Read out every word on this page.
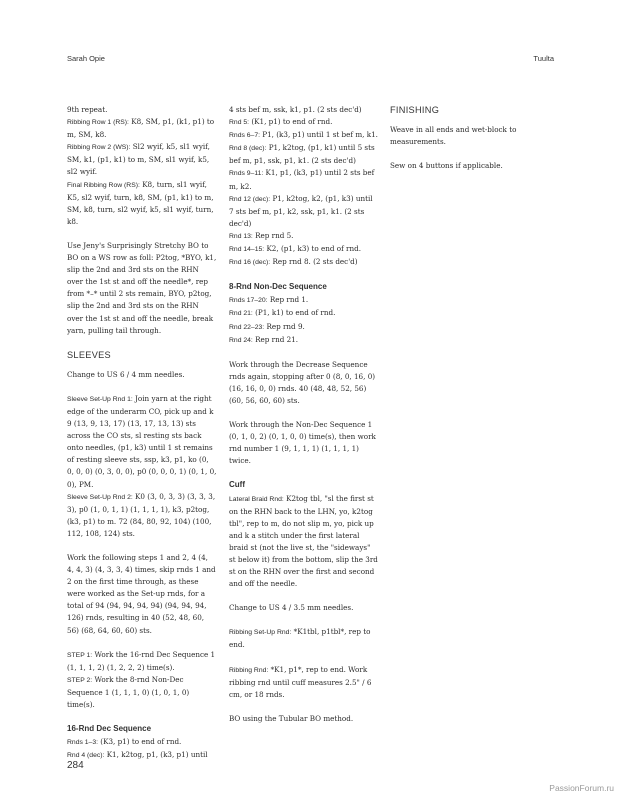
Sarah Opie	Tuulta

9th repeat.

Ribbing Row 1 (RS): K8, SM, p1, (k1, p1) to m, SM, k8.

Ribbing Row 2 (WS): Sl2 wyif, k5, sl1 wyif, SM, k1, (p1, k1) to m, SM, sl1 wyif, k5, sl2 wyif.

Final Ribbing Row (RS): K8, turn, sl1 wyif, K5, sl2 wyif, turn, k8, SM, (p1, k1) to m, SM, k8, turn, sl2 wyif, k5, sl1 wyif, turn, k8.

Use Jeny's Surprisingly Stretchy BO to BO on a WS row as foll: P2tog, *BYO, k1, slip the 2nd and 3rd sts on the RHN over the 1st st and off the needle*, rep from *–* until 2 sts remain, BYO, p2tog, slip the 2nd and 3rd sts on the RHN over the 1st st and off the needle, break yarn, pulling tail through.

SLEEVES

Change to US 6 / 4 mm needles.

Sleeve Set-Up Rnd 1: Join yarn at the right edge of the underarm CO, pick up and k 9 (13, 9, 13, 17) (13, 17, 13, 13) sts across the CO sts, sl resting sts back onto needles, (p1, k3) until 1 st remains of resting sleeve sts, ssp, k3, p1, ko (0, 0, 0, 0) (0, 3, 0, 0), p0 (0, 0, 0, 1) (0, 1, 0, 0), PM.

Sleeve Set-Up Rnd 2: K0 (3, 0, 3, 3) (3, 3, 3, 3), p0 (1, 0, 1, 1) (1, 1, 1, 1), k3, p2tog, (k3, p1) to m. 72 (84, 80, 92, 104) (100, 112, 108, 124) sts.

Work the following steps 1 and 2, 4 (4, 4, 4, 3) (4, 3, 3, 4) times, skip rnds 1 and 2 on the first time through, as these were worked as the Set-up rnds, for a total of 94 (94, 94, 94, 94) (94, 94, 94, 126) rnds, resulting in 40 (52, 48, 60, 56) (68, 64, 60, 60) sts.

STEP 1: Work the 16-rnd Dec Sequence 1 (1, 1, 1, 2) (1, 2, 2, 2) time(s).

STEP 2: Work the 8-rnd Non-Dec Sequence 1 (1, 1, 1, 0) (1, 0, 1, 0) time(s).

16-Rnd Dec Sequence

Rnds 1–3: (K3, p1) to end of rnd.

Rnd 4 (dec): K1, k2tog, p1, (k3, p1) until

4 sts bef m, ssk, k1, p1. (2 sts dec'd)

Rnd 5: (K1, p1) to end of rnd.

Rnds 6–7: P1, (k3, p1) until 1 st bef m, k1.

Rnd 8 (dec): P1, k2tog, (p1, k1) until 5 sts bef m, p1, ssk, p1, k1. (2 sts dec'd)

Rnds 9–11: K1, p1, (k3, p1) until 2 sts bef m, k2.

Rnd 12 (dec): P1, k2tog, k2, (p1, k3) until 7 sts bef m, p1, k2, ssk, p1, k1. (2 sts dec'd)

Rnd 13: Rep rnd 5.

Rnd 14–15: K2, (p1, k3) to end of rnd.

Rnd 16 (dec): Rep rnd 8. (2 sts dec'd)

8-Rnd Non-Dec Sequence

Rnds 17–20: Rep rnd 1.

Rnd 21: (P1, k1) to end of rnd.

Rnd 22–23: Rep rnd 9.

Rnd 24: Rep rnd 21.

Work through the Decrease Sequence rnds again, stopping after 0 (8, 0, 16, 0) (16, 16, 0, 0) rnds. 40 (48, 48, 52, 56) (60, 56, 60, 60) sts.

Work through the Non-Dec Sequence 1 (0, 1, 0, 2) (0, 1, 0, 0) time(s), then work rnd number 1 (9, 1, 1, 1) (1, 1, 1, 1) twice.

Cuff

Lateral Braid Rnd: K2tog tbl, "sl the first st on the RHN back to the LHN, yo, k2tog tbl", rep to m, do not slip m, yo, pick up and k a stitch under the first lateral braid st (not the live st, the "sideways" st below it) from the bottom, slip the 3rd st on the RHN over the first and second and off the needle.

Change to US 4 / 3.5 mm needles.

Ribbing Set-Up Rnd: *K1tbl, p1tbl*, rep to end.

Ribbing Rnd: *K1, p1*, rep to end. Work ribbing rnd until cuff measures 2.5" / 6 cm, or 18 rnds.

BO using the Tubular BO method.

FINISHING

Weave in all ends and wet-block to measurements.

Sew on 4 buttons if applicable.

284
PassionForum.ru
